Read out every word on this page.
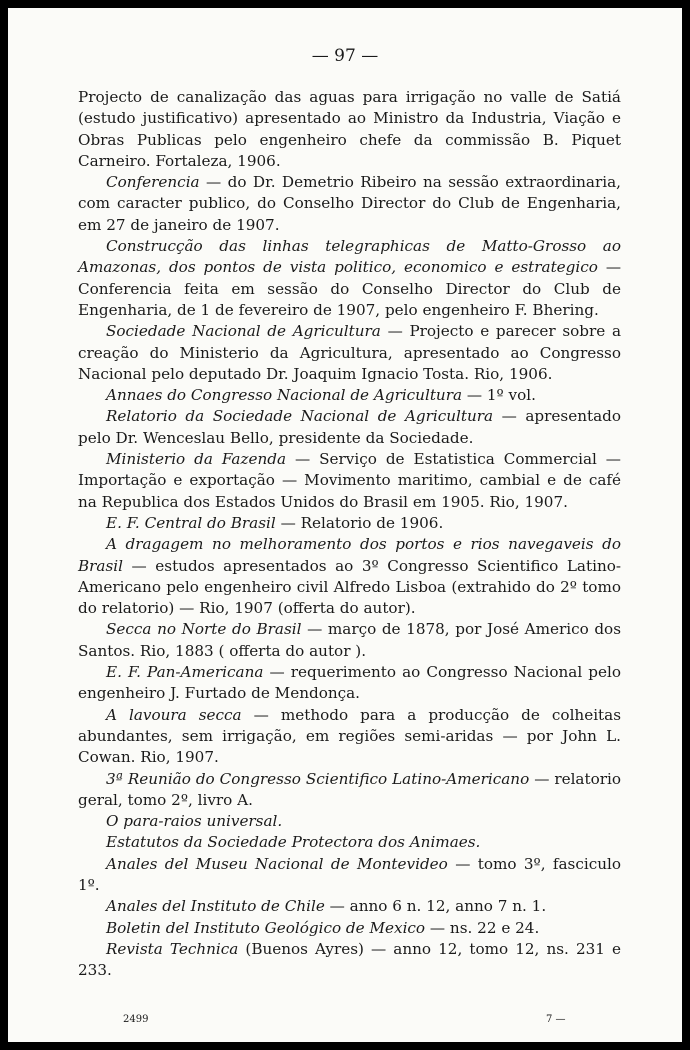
— 97 —
Projecto de canalização das aguas para irrigação no valle de Satiá (estudo justificativo) apresentado ao Ministro da Industria, Viação e Obras Publicas pelo engenheiro chefe da commissão B. Piquet Carneiro. Fortaleza, 1906.
Conferencia — do Dr. Demetrio Ribeiro na sessão extraordinaria, com caracter publico, do Conselho Director do Club de Engenharia, em 27 de janeiro de 1907.
Construcção das linhas telegraphicas de Matto-Grosso ao Amazonas, dos pontos de vista politico, economico e estrategico — Conferencia feita em sessão do Conselho Director do Club de Engenharia, de 1 de fevereiro de 1907, pelo engenheiro F. Bhering.
Sociedade Nacional de Agricultura — Projecto e parecer sobre a creação do Ministerio da Agricultura, apresentado ao Congresso Nacional pelo deputado Dr. Joaquim Ignacio Tosta. Rio, 1906.
Annaes do Congresso Nacional de Agricultura — 1º vol.
Relatorio da Sociedade Nacional de Agricultura — apresentado pelo Dr. Wenceslau Bello, presidente da Sociedade.
Ministerio da Fazenda — Serviço de Estatistica Commercial — Importação e exportação — Movimento maritimo, cambial e de café na Republica dos Estados Unidos do Brasil em 1905. Rio, 1907.
E. F. Central do Brasil — Relatorio de 1906.
A dragagem no melhoramento dos portos e rios navegaveis do Brasil — estudos apresentados ao 3º Congresso Scientifico Latino-Americano pelo engenheiro civil Alfredo Lisboa (extrahido do 2º tomo do relatorio) — Rio, 1907 (offerta do autor).
Secca no Norte do Brasil — março de 1878, por José Americo dos Santos. Rio, 1883 ( offerta do autor ).
E. F. Pan-Americana — requerimento ao Congresso Nacional pelo engenheiro J. Furtado de Mendonça.
A lavoura secca — methodo para a producção de colheitas abundantes, sem irrigação, em regiões semi-aridas — por John L. Cowan. Rio, 1907.
3ª Reunião do Congresso Scientifico Latino-Americano — relatorio geral, tomo 2º, livro A.
O para-raios universal.
Estatutos da Sociedade Protectora dos Animaes.
Anales del Museu Nacional de Montevideo — tomo 3º, fasciculo 1º.
Anales del Instituto de Chile — anno 6 n. 12, anno 7 n. 1.
Boletin del Instituto Geológico de Mexico — ns. 22 e 24.
Revista Technica (Buenos Ayres) — anno 12, tomo 12, ns. 231 e 233.
2499	7 —
